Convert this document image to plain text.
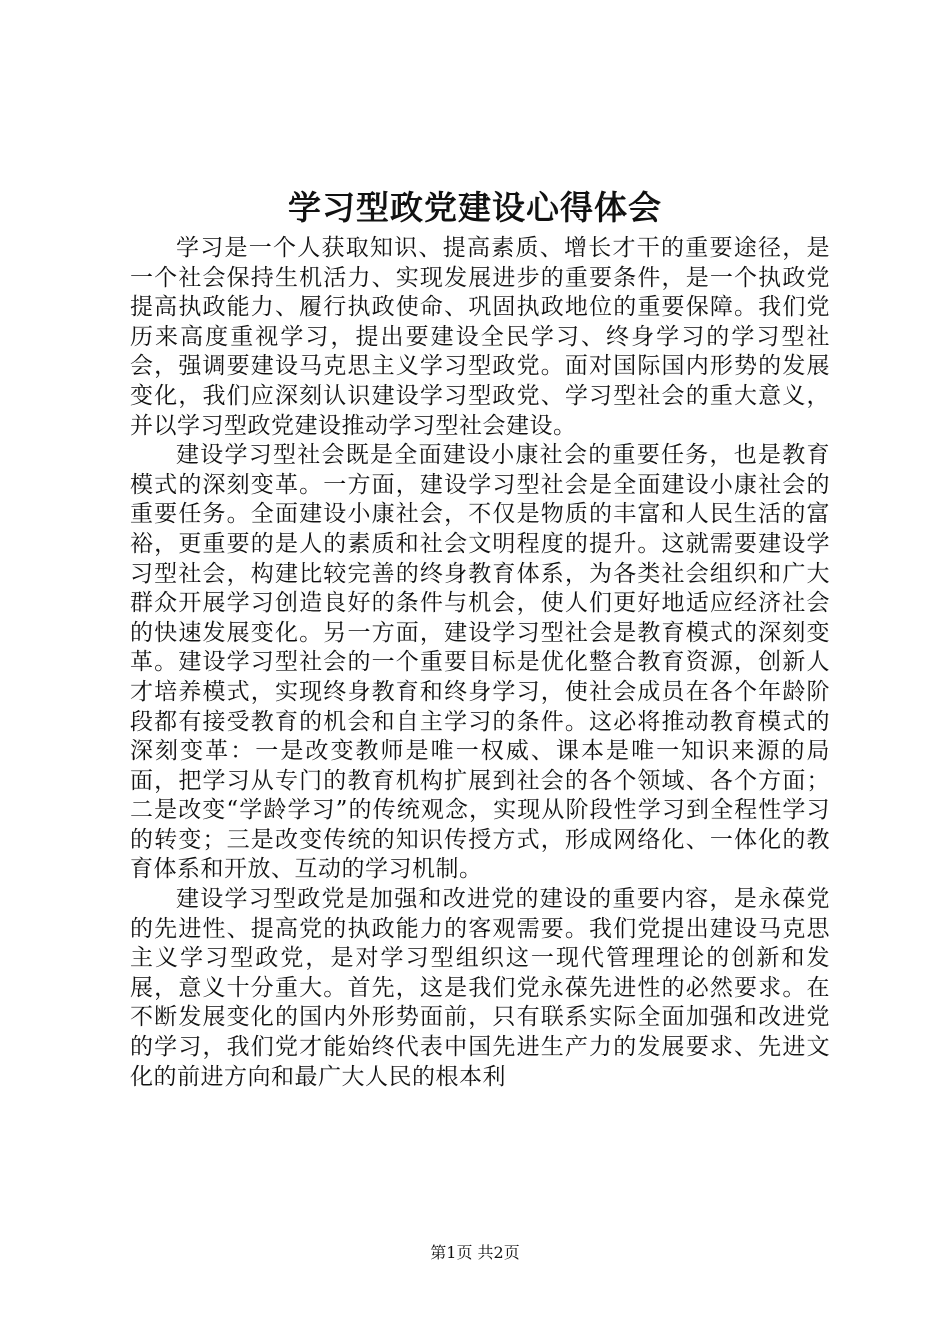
学习型政党建设心得体会

学习是一个人获取知识、提高素质、增长才干的重要途径，是一个社会保持生机活力、实现发展进步的重要条件，是一个执政党提高执政能力、履行执政使命、巩固执政地位的重要保障。我们党历来高度重视学习，提出要建设全民学习、终身学习的学习型社会，强调要建设马克思主义学习型政党。面对国际国内形势的发展变化，我们应深刻认识建设学习型政党、学习型社会的重大意义，并以学习型政党建设推动学习型社会建设。

建设学习型社会既是全面建设小康社会的重要任务，也是教育模式的深刻变革。一方面，建设学习型社会是全面建设小康社会的重要任务。全面建设小康社会，不仅是物质的丰富和人民生活的富裕，更重要的是人的素质和社会文明程度的提升。这就需要建设学习型社会，构建比较完善的终身教育体系，为各类社会组织和广大群众开展学习创造良好的条件与机会，使人们更好地适应经济社会的快速发展变化。另一方面，建设学习型社会是教育模式的深刻变革。建设学习型社会的一个重要目标是优化整合教育资源，创新人才培养模式，实现终身教育和终身学习，使社会成员在各个年龄阶段都有接受教育的机会和自主学习的条件。这必将推动教育模式的深刻变革：一是改变教师是唯一权威、课本是唯一知识来源的局面，把学习从专门的教育机构扩展到社会的各个领域、各个方面；二是改变“学龄学习”的传统观念，实现从阶段性学习到全程性学习的转变；三是改变传统的知识传授方式，形成网络化、一体化的教育体系和开放、互动的学习机制。

建设学习型政党是加强和改进党的建设的重要内容，是永葆党的先进性、提高党的执政能力的客观需要。我们党提出建设马克思主义学习型政党，是对学习型组织这一现代管理理论的创新和发展，意义十分重大。首先，这是我们党永葆先进性的必然要求。在不断发展变化的国内外形势面前，只有联系实际全面加强和改进党的学习，我们党才能始终代表中国先进生产力的发展要求、先进文化的前进方向和最广大人民的根本利

第1页 共2页
